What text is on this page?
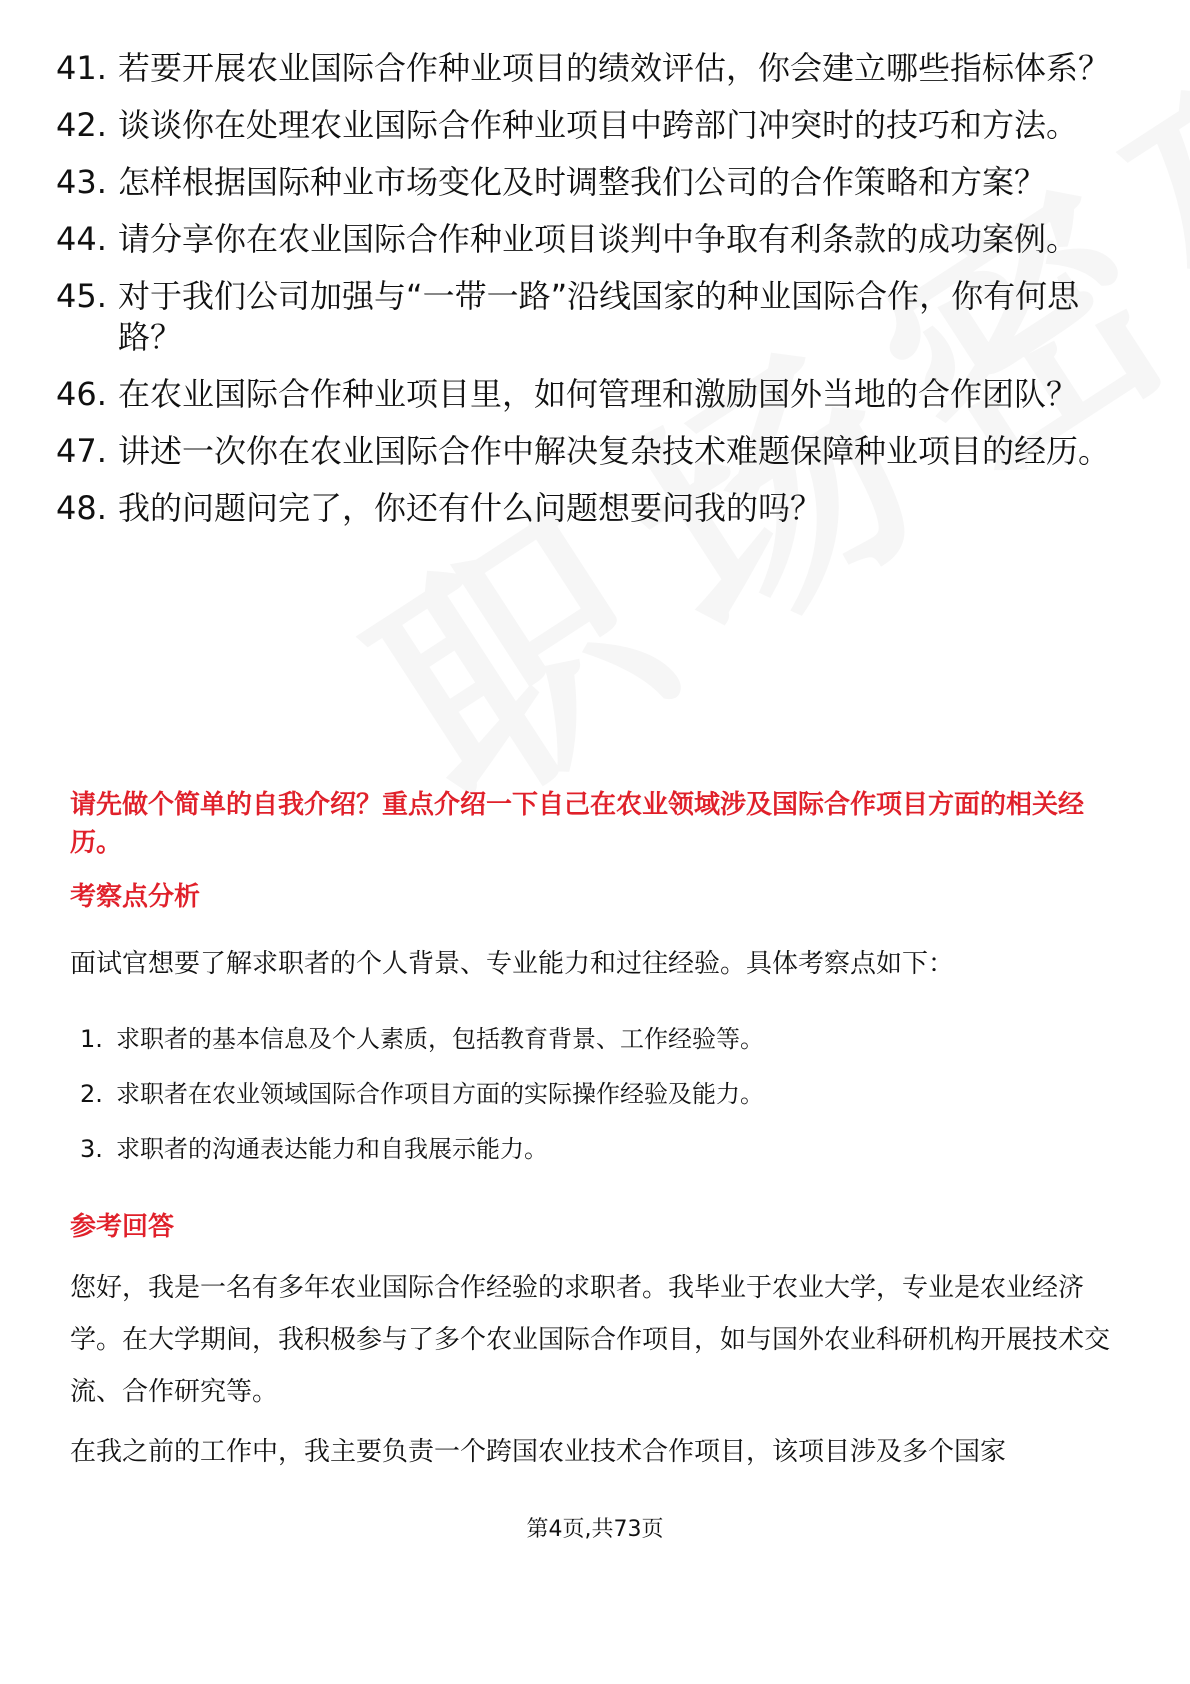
41. 若要开展农业国际合作种业项目的绩效评估，你会建立哪些指标体系？
42. 谈谈你在处理农业国际合作种业项目中跨部门冲突时的技巧和方法。
43. 怎样根据国际种业市场变化及时调整我们公司的合作策略和方案？
44. 请分享你在农业国际合作种业项目谈判中争取有利条款的成功案例。
45. 对于我们公司加强与“一带一路”沿线国家的种业国际合作，你有何思路？
46. 在农业国际合作种业项目里，如何管理和激励国外当地的合作团队？
47. 讲述一次你在农业国际合作中解决复杂技术难题保障种业项目的经历。
48. 我的问题问完了，你还有什么问题想要问我的吗？
请先做个简单的自我介绍？重点介绍一下自己在农业领域涉及国际合作项目方面的相关经历。
考察点分析
面试官想要了解求职者的个人背景、专业能力和过往经验。具体考察点如下：
1. 求职者的基本信息及个人素质，包括教育背景、工作经验等。
2. 求职者在农业领域国际合作项目方面的实际操作经验及能力。
3. 求职者的沟通表达能力和自我展示能力。
参考回答
您好，我是一名有多年农业国际合作经验的求职者。我毕业于农业大学，专业是农业经济学。在大学期间，我积极参与了多个农业国际合作项目，如与国外农业科研机构开展技术交流、合作研究等。
在我之前的工作中，我主要负责一个跨国农业技术合作项目，该项目涉及多个国家
第4页,共73页
